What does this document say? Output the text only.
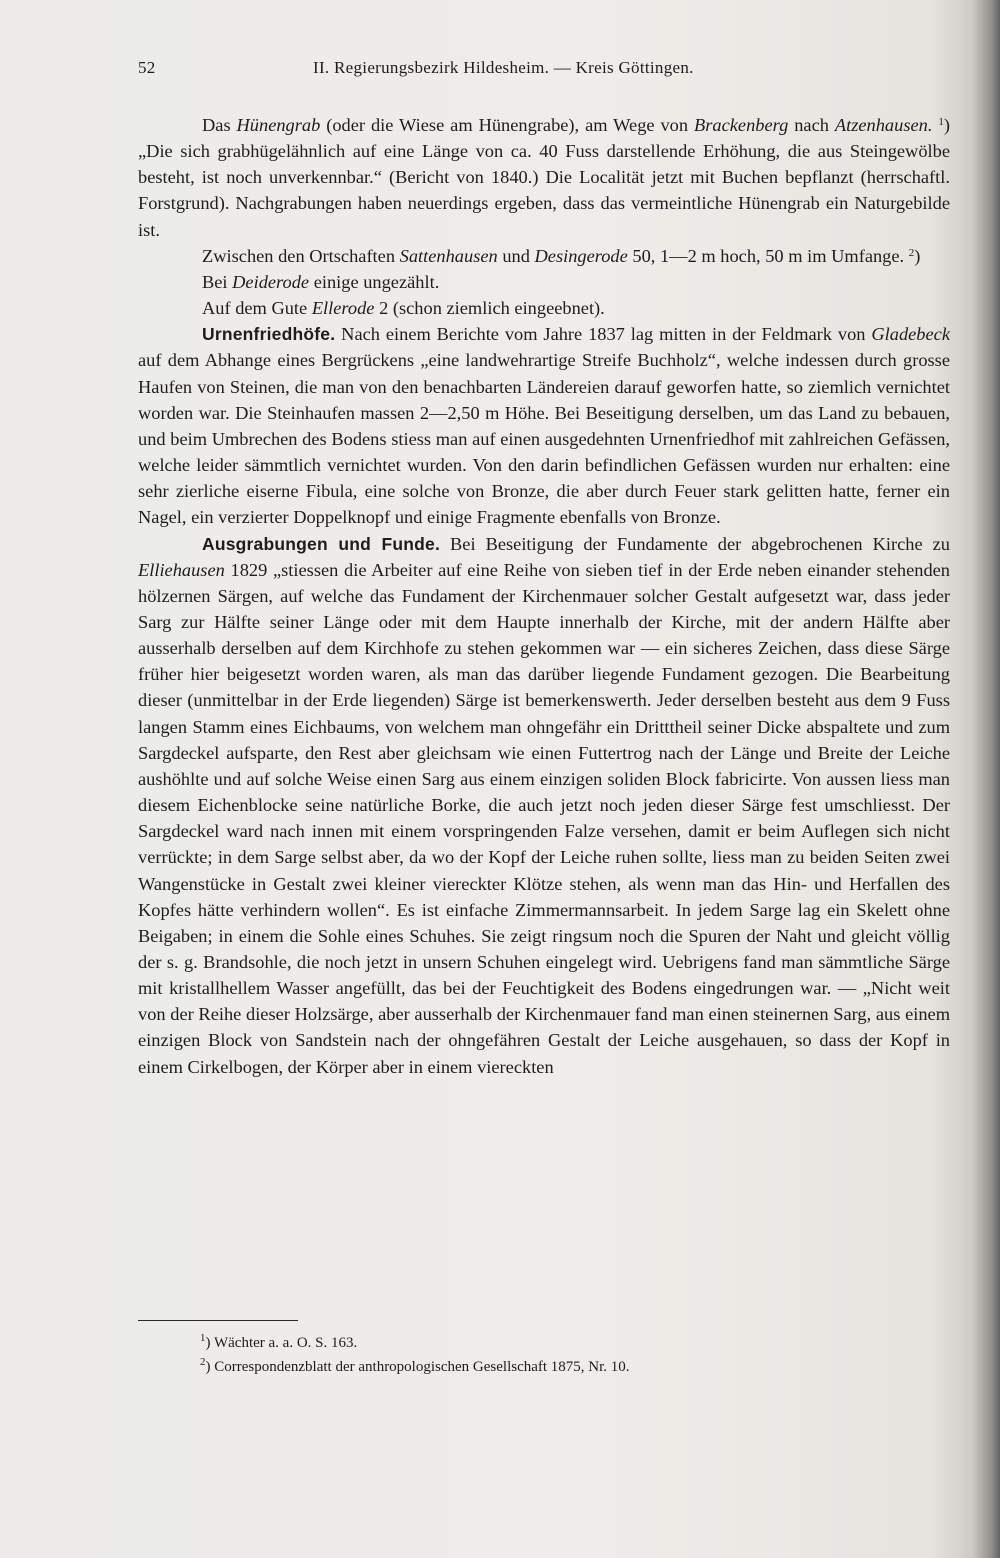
52	II. Regierungsbezirk Hildesheim. — Kreis Göttingen.

Das Hünengrab (oder die Wiese am Hünengrabe), am Wege von Brackenberg nach Atzenhausen. $^1$) „Die sich grabhügelähnlich auf eine Länge von ca. 40 Fuss darstellende Erhöhung, die aus Steingewölbe besteht, ist noch unverkennbar.“ (Bericht von 1840.) Die Localität jetzt mit Buchen bepflanzt (herrschaftl. Forstgrund). Nachgrabungen haben neuerdings ergeben, dass das vermeintliche Hünengrab ein Naturgebilde ist.

Zwischen den Ortschaften Sattenhausen und Desingerode 50, 1—2 m hoch, 50 m im Umfange. $^2$)

Bei Deiderode einige ungezählt.

Auf dem Gute Ellerode 2 (schon ziemlich eingeebnet).

Urnenfriedhöfe. Nach einem Berichte vom Jahre 1837 lag mitten in der Feldmark von Gladebeck auf dem Abhange eines Bergrückens „eine landwehrartige Streife Buchholz“, welche indessen durch grosse Haufen von Steinen, die man von den benachbarten Ländereien darauf geworfen hatte, so ziemlich vernichtet worden war. Die Steinhaufen massen 2—2,50 m Höhe. Bei Beseitigung derselben, um das Land zu bebauen, und beim Umbrechen des Bodens stiess man auf einen ausgedehnten Urnenfriedhof mit zahlreichen Gefässen, welche leider sämmtlich vernichtet wurden. Von den darin befindlichen Gefässen wurden nur erhalten: eine sehr zierliche eiserne Fibula, eine solche von Bronze, die aber durch Feuer stark gelitten hatte, ferner ein Nagel, ein verzierter Doppelknopf und einige Fragmente ebenfalls von Bronze.

Ausgrabungen und Funde. Bei Beseitigung der Fundamente der abgebrochenen Kirche zu Elliehausen 1829 „stiessen die Arbeiter auf eine Reihe von sieben tief in der Erde neben einander stehenden hölzernen Särgen, auf welche das Fundament der Kirchenmauer solcher Gestalt aufgesetzt war, dass jeder Sarg zur Hälfte seiner Länge oder mit dem Haupte innerhalb der Kirche, mit der andern Hälfte aber ausserhalb derselben auf dem Kirchhofe zu stehen gekommen war — ein sicheres Zeichen, dass diese Särge früher hier beigesetzt worden waren, als man das darüber liegende Fundament gezogen. Die Bearbeitung dieser (unmittelbar in der Erde liegenden) Särge ist bemerkenswerth. Jeder derselben besteht aus dem 9 Fuss langen Stamm eines Eichbaums, von welchem man ohngefähr ein Dritttheil seiner Dicke abspaltete und zum Sargdeckel aufsparte, den Rest aber gleichsam wie einen Futtertrog nach der Länge und Breite der Leiche aushöhlte und auf solche Weise einen Sarg aus einem einzigen soliden Block fabricirte. Von aussen liess man diesem Eichenblocke seine natürliche Borke, die auch jetzt noch jeden dieser Särge fest umschliesst. Der Sargdeckel ward nach innen mit einem vorspringenden Falze versehen, damit er beim Auflegen sich nicht verrückte; in dem Sarge selbst aber, da wo der Kopf der Leiche ruhen sollte, liess man zu beiden Seiten zwei Wangenstücke in Gestalt zwei kleiner viereckter Klötze stehen, als wenn man das Hin- und Herfallen des Kopfes hätte verhindern wollen“. Es ist einfache Zimmermannsarbeit. In jedem Sarge lag ein Skelett ohne Beigaben; in einem die Sohle eines Schuhes. Sie zeigt ringsum noch die Spuren der Naht und gleicht völlig der s. g. Brandsohle, die noch jetzt in unsern Schuhen eingelegt wird. Uebrigens fand man sämmtliche Särge mit kristallhellem Wasser angefüllt, das bei der Feuchtigkeit des Bodens eingedrungen war. — „Nicht weit von der Reihe dieser Holzsärge, aber ausserhalb der Kirchenmauer fand man einen steinernen Sarg, aus einem einzigen Block von Sandstein nach der ohngefähren Gestalt der Leiche ausgehauen, so dass der Kopf in einem Cirkelbogen, der Körper aber in einem viereckten

$^1$) Wächter a. a. O. S. 163.
$^2$) Correspondenzblatt der anthropologischen Gesellschaft 1875, Nr. 10.
